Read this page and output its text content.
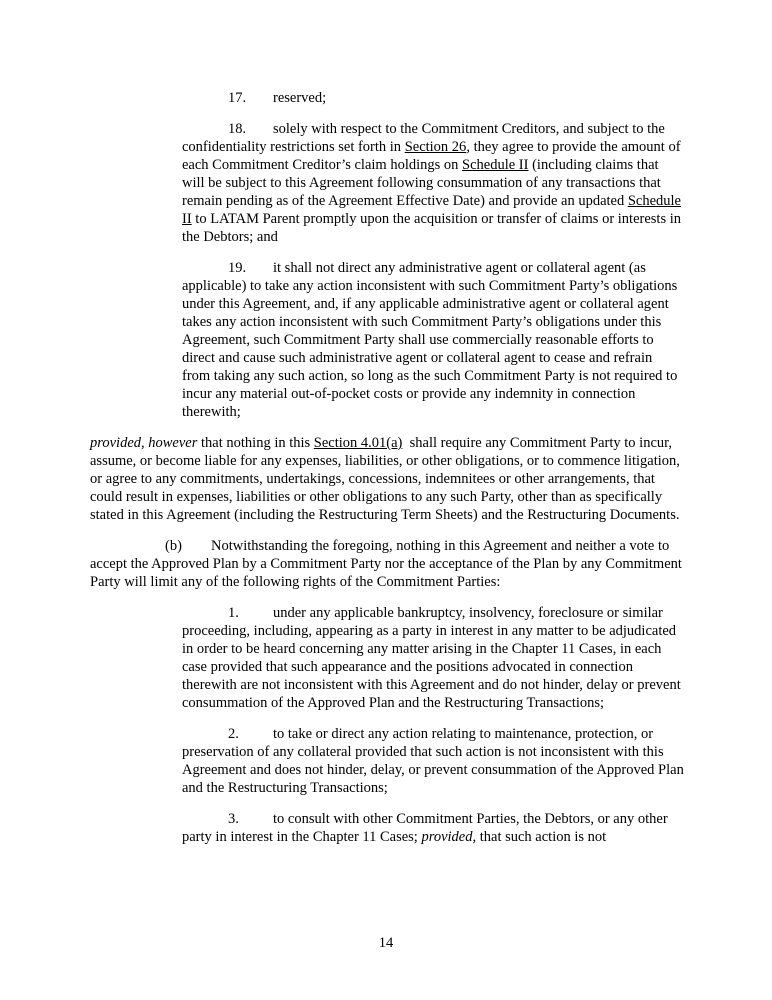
17. reserved;

18. solely with respect to the Commitment Creditors, and subject to the confidentiality restrictions set forth in Section 26, they agree to provide the amount of each Commitment Creditor’s claim holdings on Schedule II (including claims that will be subject to this Agreement following consummation of any transactions that remain pending as of the Agreement Effective Date) and provide an updated Schedule II to LATAM Parent promptly upon the acquisition or transfer of claims or interests in the Debtors; and

19. it shall not direct any administrative agent or collateral agent (as applicable) to take any action inconsistent with such Commitment Party’s obligations under this Agreement, and, if any applicable administrative agent or collateral agent takes any action inconsistent with such Commitment Party’s obligations under this Agreement, such Commitment Party shall use commercially reasonable efforts to direct and cause such administrative agent or collateral agent to cease and refrain from taking any such action, so long as the such Commitment Party is not required to incur any material out-of-pocket costs or provide any indemnity in connection therewith;

provided, however that nothing in this Section 4.01(a)  shall require any Commitment Party to incur, assume, or become liable for any expenses, liabilities, or other obligations, or to commence litigation, or agree to any commitments, undertakings, concessions, indemnitees or other arrangements, that could result in expenses, liabilities or other obligations to any such Party, other than as specifically stated in this Agreement (including the Restructuring Term Sheets) and the Restructuring Documents.

(b) Notwithstanding the foregoing, nothing in this Agreement and neither a vote to accept the Approved Plan by a Commitment Party nor the acceptance of the Plan by any Commitment Party will limit any of the following rights of the Commitment Parties:

1. under any applicable bankruptcy, insolvency, foreclosure or similar proceeding, including, appearing as a party in interest in any matter to be adjudicated in order to be heard concerning any matter arising in the Chapter 11 Cases, in each case provided that such appearance and the positions advocated in connection therewith are not inconsistent with this Agreement and do not hinder, delay or prevent consummation of the Approved Plan and the Restructuring Transactions;

2. to take or direct any action relating to maintenance, protection, or preservation of any collateral provided that such action is not inconsistent with this Agreement and does not hinder, delay, or prevent consummation of the Approved Plan and the Restructuring Transactions;

3. to consult with other Commitment Parties, the Debtors, or any other party in interest in the Chapter 11 Cases; provided, that such action is not

14
